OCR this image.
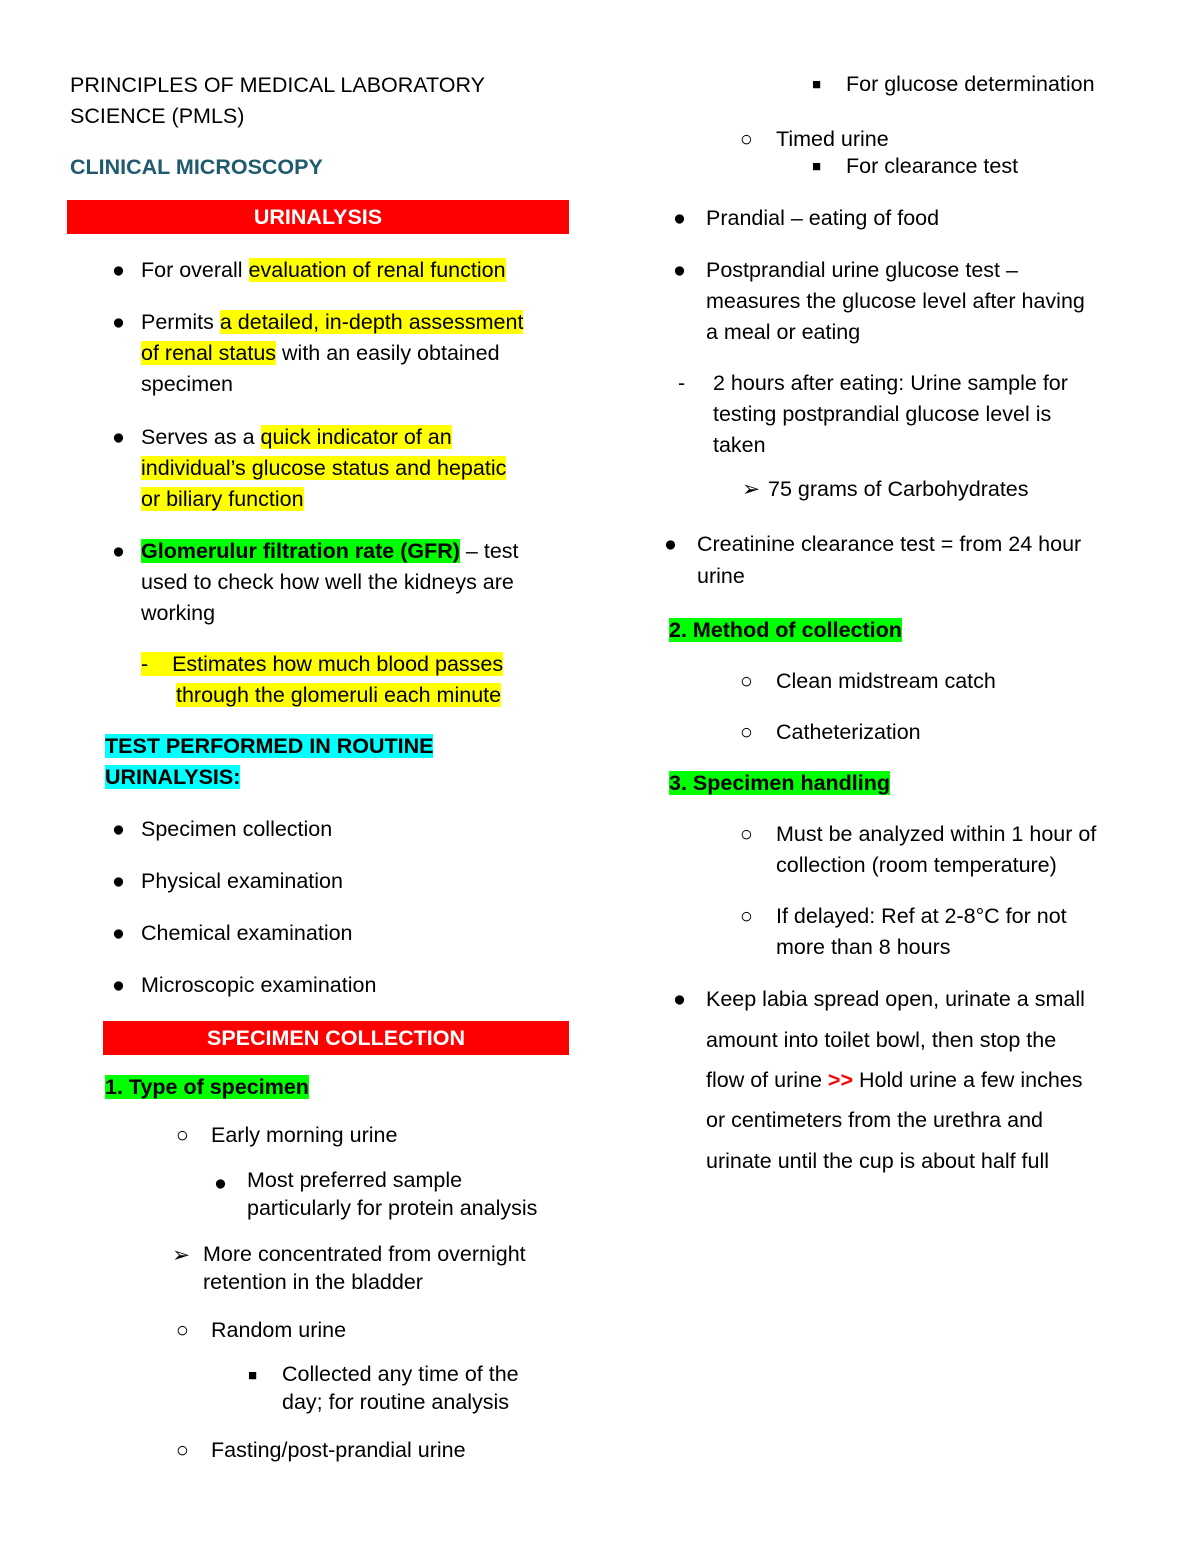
PRINCIPLES OF MEDICAL LABORATORY
SCIENCE (PMLS)
CLINICAL MICROSCOPY
URINALYSIS
● For overall evaluation of renal function
● Permits a detailed, in-depth assessment
of renal status with an easily obtained
specimen
● Serves as a quick indicator of an
individual’s glucose status and hepatic
or biliary function
● Glomerulur filtration rate (GFR) – test
used to check how well the kidneys are
working
- Estimates how much blood passes
through the glomeruli each minute
TEST PERFORMED IN ROUTINE
URINALYSIS:
● Specimen collection
● Physical examination
● Chemical examination
● Microscopic examination
SPECIMEN COLLECTION
1. Type of specimen
○ Early morning urine
● Most preferred sample
particularly for protein analysis
➢ More concentrated from overnight
retention in the bladder
○ Random urine
■ Collected any time of the
day; for routine analysis
○ Fasting/post-prandial urine
■ For glucose determination
○ Timed urine
■ For clearance test
● Prandial – eating of food
● Postprandial urine glucose test –
measures the glucose level after having
a meal or eating
- 2 hours after eating: Urine sample for
testing postprandial glucose level is
taken
➢ 75 grams of Carbohydrates
● Creatinine clearance test = from 24 hour
urine
2. Method of collection
○ Clean midstream catch
○ Catheterization
3. Specimen handling
○ Must be analyzed within 1 hour of
collection (room temperature)
○ If delayed: Ref at 2-8°C for not
more than 8 hours
● Keep labia spread open, urinate a small
amount into toilet bowl, then stop the
flow of urine >> Hold urine a few inches
or centimeters from the urethra and
urinate until the cup is about half full
